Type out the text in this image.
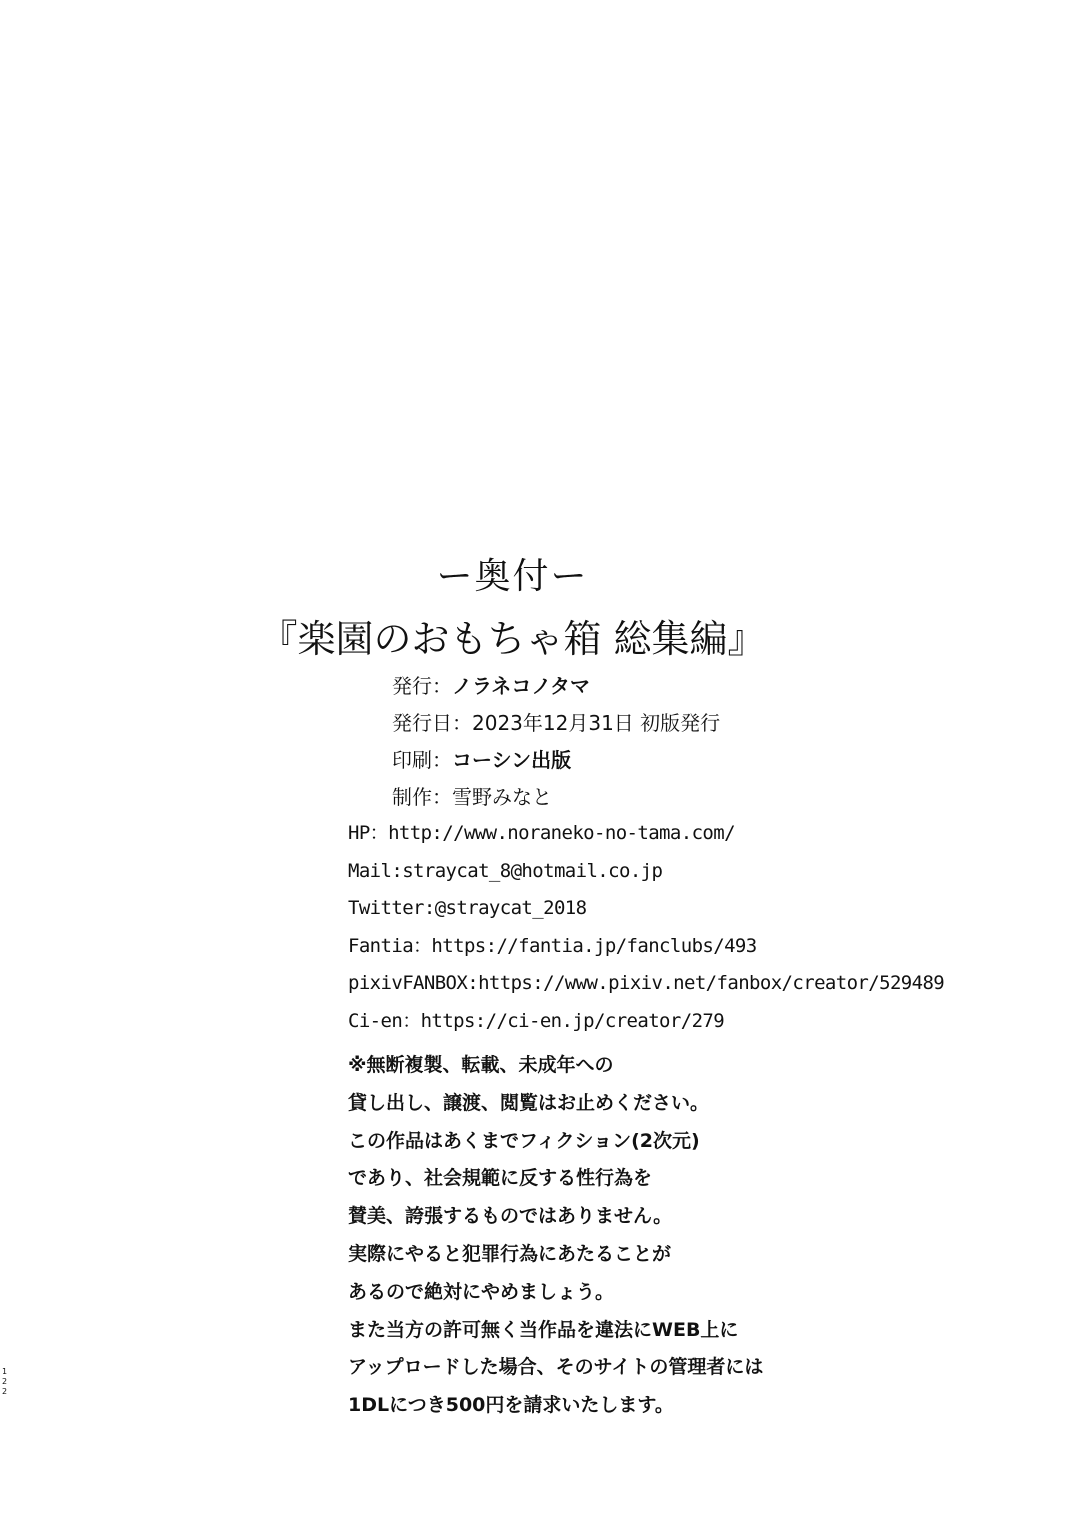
ー奥付ー
『楽園のおもちゃ箱 総集編』
発行：ノラネコノタマ
発行日：2023年12月31日 初版発行
印刷：コーシン出版
制作：雪野みなと
HP：http://www.noraneko-no-tama.com/
Mail:straycat_8@hotmail.co.jp
Twitter:@straycat_2018
Fantia：https://fantia.jp/fanclubs/493
pixivFANBOX:https://www.pixiv.net/fanbox/creator/529489
Ci-en：https://ci-en.jp/creator/279
※無断複製、転載、未成年への
貸し出し、譲渡、閲覧はお止めください。
この作品はあくまでフィクション(2次元)
であり、社会規範に反する性行為を
賛美、誇張するものではありません。
実際にやると犯罪行為にあたることが
あるので絶対にやめましょう。
また当方の許可無く当作品を違法にWEB上に
アップロードした場合、そのサイトの管理者には
1DLにつき500円を請求いたします。
122
